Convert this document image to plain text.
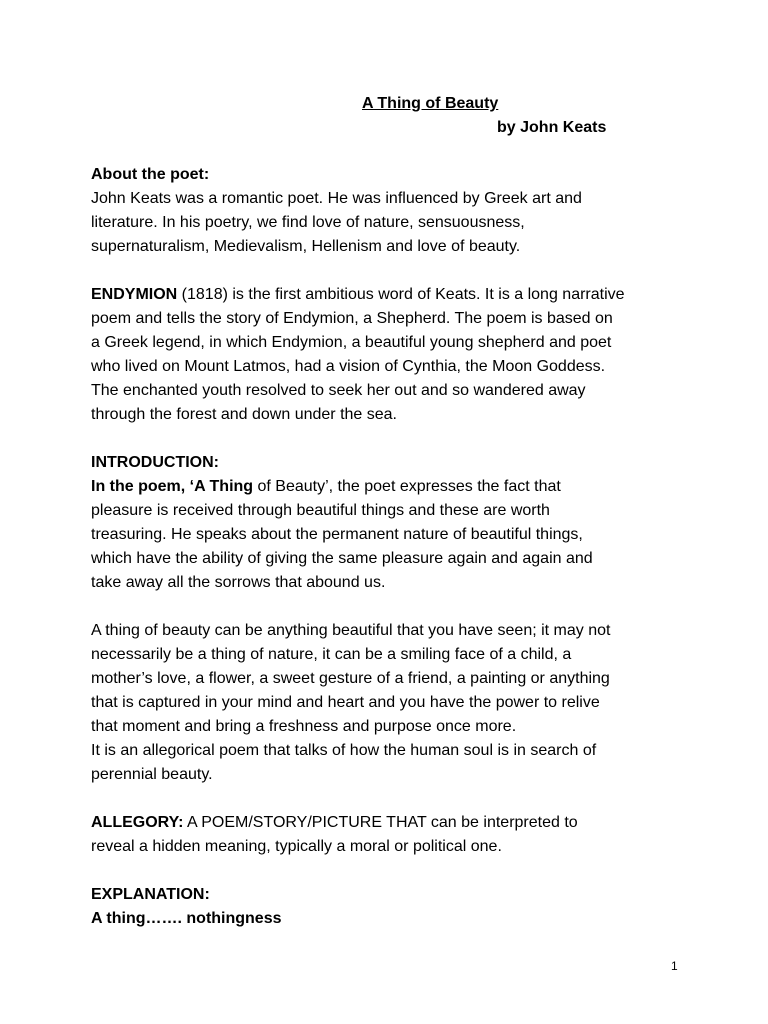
A Thing of Beauty
by John Keats

About the poet:

John Keats was a romantic poet. He was influenced by Greek art and
literature. In his poetry, we find love of nature, sensuousness,
supernaturalism, Medievalism, Hellenism and love of beauty.
ENDYMION (1818) is the first ambitious word of Keats. It is a long narrative
poem and tells the story of Endymion, a Shepherd. The poem is based on
a Greek legend, in which Endymion, a beautiful young shepherd and poet
who lived on Mount Latmos, had a vision of Cynthia, the Moon Goddess.
The enchanted youth resolved to seek her out and so wandered away
through the forest and down under the sea.

INTRODUCTION:

In the poem, ‘A Thing of Beauty’, the poet expresses the fact that
pleasure is received through beautiful things and these are worth
treasuring. He speaks about the permanent nature of beautiful things,
which have the ability of giving the same pleasure again and again and
take away all the sorrows that abound us.
A thing of beauty can be anything beautiful that you have seen; it may not
necessarily be a thing of nature, it can be a smiling face of a child, a
mother’s love, a flower, a sweet gesture of a friend, a painting or anything
that is captured in your mind and heart and you have the power to relive
that moment and bring a freshness and purpose once more.
It is an allegorical poem that talks of how the human soul is in search of
perennial beauty.
ALLEGORY: A POEM/STORY/PICTURE THAT can be interpreted to
reveal a hidden meaning, typically a moral or political one.

EXPLANATION:

A thing……. nothingness

1
